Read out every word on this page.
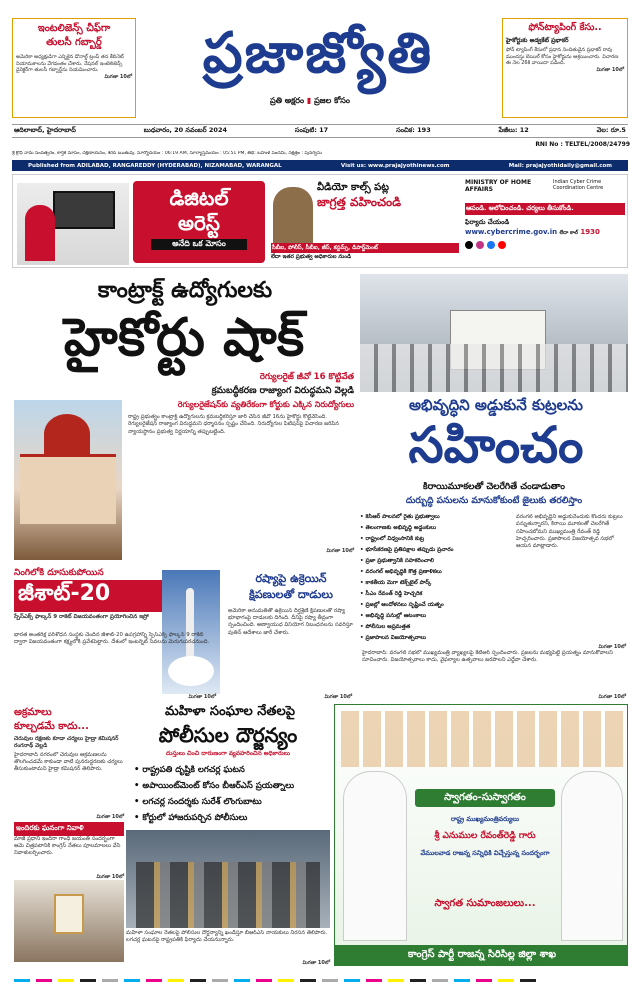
ఇంటలిజెన్స్ చీఫ్‌గా
తులసీ గబ్బార్డ్
అమెరికా అధ్యక్షుడిగా ఎన్నికైన డొనాల్డ్ ట్రంప్ తన కేబినెట్ నియామకాలను వేగవంతం చేశారు. నేషనల్ ఇంటెలిజెన్స్ డైరెక్టర్‌గా తులసీ గబ్బార్డ్‌ను నియమించారు.
మిగతా 10లో	ప్రజాజ్యోతి
ప్రతి అక్షరం ▮ ప్రజల కోసం
ఫోన్‌ట్యాపింగ్ కేసు..
హైకోర్టుకు అడ్వకేట్ ప్రభాకర్
ఫోన్ ట్యాపింగ్ కేసులో ప్రధాన నిందితుడైన ప్రభాకర్ రావు ముందస్తు బెయిల్ కోసం హైకోర్టును ఆశ్రయించారు. విచారణ ఈ నెల 26కి వాయిదా పడింది.
మిగతా 10లో
ఆదిలాబాద్, హైదరాబాద్	బుధవారం, 20 నవంబర్ 2024	సంపుటి: 17	సంచిక: 193	పేజీలు: 12	వెల: రూ.5
RNI No : TELTEL/2008/24799
శ్రీ క్రోధి నామ సంవత్సరం, కార్తీక మాసం, దక్షిణాయనం, శరద్ ఋతువు, సూర్యోదయం : 06:19 AM, సూర్యాస్తమయం : 05:51 PM, తిథి: బహుళ పంచమి, నక్షత్రం : పునర్వసు
Published from ADILABAD, RANGAREDDY (HYDERABAD), NIZAMABAD, WARANGAL	Visit us: www.prajajyothinews.com	Mail: prajajyothidaily@gmail.com
డిజిటల్
అరెస్ట్
అనేది ఒక మోసం
వీడియో కాల్స్ పట్ల
జాగ్రత్త వహించండి
సీబీఐ, పోలీస్, సీబీఐ, జీస్, కస్టమ్స్, డిపార్ట్‌మెంట్
లేదా ఇతర ప్రభుత్వ అధికారుల నుండి
MINISTRY OF HOME AFFAIRS
Indian Cyber Crime Coordination Centre
ఆపండి. ఆలోచించండి. చర్యలు తీసుకోండి.
ఫిర్యాదు చేయండి
www.cybercrime.gov.in లేదా కాల్ 1930
కాంట్రాక్ట్ ఉద్యోగులకు
హైకోర్టు షాక్
రెగ్యులరైజ్ జీవో 16 కొట్టివేత
క్రమబద్ధీకరణ రాజ్యాంగ విరుద్ధమని వెల్లడి
రెగ్యులరైజేషన్‌కు వ్యతిరేకంగా కోర్టుకు ఎక్కిన నిరుద్యోగులు
రాష్ట్ర ప్రభుత్వం కాంట్రాక్ట్ ఉద్యోగులను క్రమబద్ధీకరిస్తూ జారీ చేసిన జీవో 16ను హైకోర్టు కొట్టివేసింది. రెగ్యులరైజేషన్ రాజ్యాంగ విరుద్ధమని ధర్మాసనం స్పష్టం చేసింది. నిరుద్యోగుల పిటిషన్‌పై విచారణ జరిపిన న్యాయస్థానం ప్రభుత్వ నిర్ణయాన్ని తప్పుబట్టింది.
మిగతా 10లో
అభివృద్ధిని అడ్డుకునే కుట్రలను
సహించం
కిరాయిమూకలతో చెలరేగితే చండాడుతాం
దుర్బుద్ధి పనులను మానుకోకుంటే జైలుకు తరలిస్తాం
• కెసిఆర్ పాలనలో రైతు ప్రభుత్వాలు
• తెలంగాణకు అభివృద్ధి అడ్డంకులు
• రాష్ట్రంలో విధ్వంసానికి కుట్ర
• భూసేకరణపై ప్రతిపక్షాల తప్పుడు ప్రచారం
• ప్రజా ప్రభుత్వానికి సహకరించాలి
• వరంగల్ అభివృద్ధికి కొత్త ప్రణాళికలు
• కాకతీయ మెగా టెక్స్‌టైల్ పార్క్
• సీఎం రేవంత్ రెడ్డి హెచ్చరిక
• ప్రజల్లో ఆందోళనలు సృష్టించే యత్నం
• అభివృద్ధి పనుల్లో ఆటంకాలు
• పోలీసుల అప్రమత్తత
• ప్రజాపాలన విజయోత్సవాలు
వరంగల్ అభివృద్ధిని అడ్డుకునేందుకు కొందరు కుట్రలు పన్నుతున్నారని, కిరాయి మూకలతో చెలరేగితే సహించబోమని ముఖ్యమంత్రి రేవంత్ రెడ్డి హెచ్చరించారు. ప్రజాపాలన విజయోత్సవ సభలో ఆయన మాట్లాడారు.
నింగిలోకి దూసుకుపోయిన
జీశాట్-20
స్పేస్ఎక్స్ ఫాల్కన్ 9 రాకెట్ విజయవంతంగా ప్రయోగించిన ఇస్రో
భారత అంతరిక్ష పరిశోధన సంస్థకు చెందిన జీశాట్-20 ఉపగ్రహాన్ని స్పేస్ఎక్స్ ఫాల్కన్ 9 రాకెట్ ద్వారా విజయవంతంగా కక్ష్యలోకి ప్రవేశపెట్టారు. దేశంలో ఇంటర్నెట్ సేవలను మెరుగుపరచనుంది.
రష్యాపై ఉక్రెయిన్
క్షిపణులతో దాడులు
అమెరికా అనుమతితో ఉక్రెయిన్ దీర్ఘశ్రేణి క్షిపణులతో రష్యా భూభాగంపై దాడులకు దిగింది. దీనిపై రష్యా తీవ్రంగా స్పందించింది. అణ్వాయుధ వినియోగ నిబంధనలను సవరిస్తూ పుతిన్ ఆదేశాలు జారీ చేశారు.
హైదరాబాద్: వరంగల్ సభలో ముఖ్యమంత్రి వ్యాఖ్యలపై కేటీఆర్ స్పందించారు. ప్రజలను మభ్యపెట్టే ప్రయత్నం మానుకోవాలని సూచించారు. విజయోత్సవాలు కాదు, వైఫల్యాల ఉత్సవాలు జరపాలని ఎద్దేవా చేశారు.
అక్రమాలు
కూల్చడమే కాదు...
చెరువుల రక్షణకు కూడా చర్యలు హైడ్రా కమిషనర్ రంగనాథ్ వెల్లడి
హైదరాబాద్ నగరంలో చెరువుల ఆక్రమణలను తొలగించడమే కాకుండా వాటి పునరుద్ధరణకు చర్యలు తీసుకుంటామని హైడ్రా కమిషనర్ తెలిపారు.
మహిళా సంఘాల నేతలపై
పోలీసుల దౌర్జన్యం
దుస్తులు చించి దారుణంగా వ్యవహరించిన అధికారులు
• రాష్ట్రపతి దృష్టికి లగచర్ల ఘటన
• అపాయింట్‌మెంట్ కోసం బీఆర్ఎస్ ప్రయత్నాలు
• లగచర్ల సందర్శకు సురేశ్ లొంగుబాటు
• కోర్టులో హాజరుపర్చిన పోలీసులు
మహిళా సంఘాల నేతలపై పోలీసుల దౌర్జన్యాన్ని ఖండిస్తూ బీఆర్ఎస్ నాయకులు నిరసన తెలిపారు. లగచర్ల ఘటనపై రాష్ట్రపతికి ఫిర్యాదు చేయనున్నారు.
ఇందిరకు ఘనంగా నివాళి
మాజీ ప్రధాని ఇందిరా గాంధీ జయంతి సందర్భంగా ఆమె చిత్రపటానికి కాంగ్రెస్ నేతలు పూలమాలలు వేసి నివాళులర్పించారు.
స్వాగతం-సుస్వాగతం
రాష్ట్ర ముఖ్యమంత్రివర్యులు
శ్రీ ఎనుముల రేవంత్‌రెడ్డి గారు
వేములవాడ రాజన్న సన్నిధికి విచ్చేస్తున్న సందర్భంగా
స్వాగత సుమాంజలులు...
కాంగ్రెస్ పార్టీ రాజన్న సిరిసిల్ల జిల్లా శాఖ
మిగతా 10లో
మిగతా 10లో	మిగతా 10లో	మిగతా 10లో
మిగతా 10లో
మిగతా 10లో
మిగతా 10లో
